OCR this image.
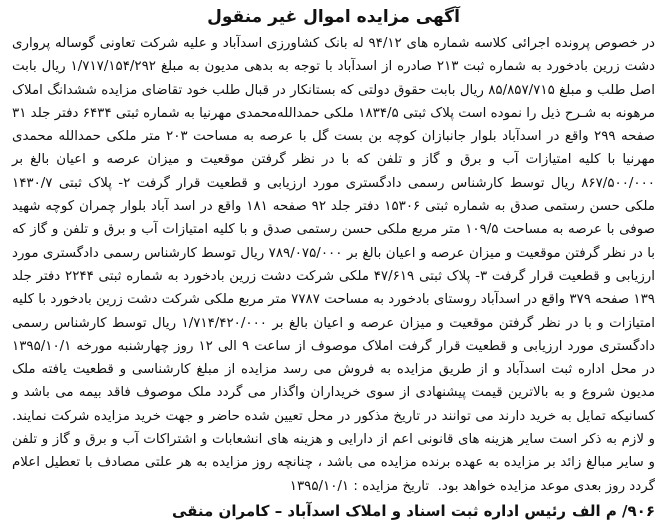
آگهی مزایده اموال غیر منقول

در خصوص پرونده اجرائی کلاسه شماره های ۹۴/۱۲ له بانک کشاورزی اسدآباد و علیه شرکت تعاونی گوساله پرواری دشت زرین بادخورد به شماره ثبت ۲۱۳ صادره از اسدآباد با توجه به بدهی مدیون به مبلغ ۱/۷۱۷/۱۵۴/۲۹۲ ریال بابت اصل طلب و مبلغ ۸۵/۸۵۷/۷۱۵ ریال بابت حقوق دولتی که بستانکار در قبال طلب خود تقاضای مزایده ششدانگ املاک مرهونه به شـرح ذیل را نموده است پلاک ثبتی ۱۸۳۴/۵ ملکی حمدالله‌محمدی مهرنیا به شماره ثبتی ۶۴۳۴ دفتر جلد ۳۱ صفحه ۲۹۹ واقع در اسدآباد بلوار جانبازان کوچه بن بست گل با عرصه به مساحت ۲۰۳ متر ملکی حمدالله محمدی مهرنیا با کلیه امتیازات آب و برق و گاز و تلفن که با در نظر گرفتن موقعیت و میزان عرصه و اعیان بالغ بر ۸۶۷/۵۰۰/۰۰۰ ریال توسط کارشناس رسمی دادگستری مورد ارزیابی و قطعیت قرار گرفت ۲- پلاک ثبتی ۱۴۳۰/۷ ملکی حسن رستمی صدق به شماره ثبتی ۱۵۳۰۶ دفتر جلد ۹۲ صفحه ۱۸۱ واقع در اسد آباد بلوار چمران کوچه شهید صوفی با عرصه به مساحت ۱۰۹/۵ متر مربع ملکی حسن رستمی صدق و با کلیه امتیازات آب و برق و تلفن و گاز که با در نظر گرفتن موقعیت و میزان عرصه و اعیان بالغ بر ۷۸۹/۰۷۵/۰۰۰ ریال توسط کارشناس رسمی دادگستری مورد ارزیابی و قطعیت قرار گرفت ۳- پلاک ثبتی ۴۷/۶۱۹ ملکی شرکت دشت زرین بادخورد به شماره ثبتی ۲۲۴۴ دفتر جلد ۱۳۹ صفحه ۳۷۹ واقع در اسدآباد روستای بادخورد به مساحت ۷۷۸۷ متر مربع ملکی شرکت دشت زرین بادخورد با کلیه امتیازات و با در نظر گرفتن موقعیت و میزان عرصه و اعیان بالغ بر ۱/۷۱۴/۴۲۰/۰۰۰ ریال توسط کارشناس رسمی دادگستری مورد ارزیابی و قطعیت قرار گرفت املاک موصوف از ساعت ۹ الی ۱۲ روز چهارشنبه مورخه ۱۳۹۵/۱۰/۱ در محل اداره ثبت اسدآباد و از طریق مزایده به فروش می رسد مزایده از مبلغ کارشناسی و قطعیت یافته ملک مدیون شروع و به بالاترین قیمت پیشنهادی از سوی خریداران واگذار می گردد ملک موصوف فاقد بیمه می باشد و کسانیکه تمایل به خرید دارند می توانند در تاریخ مذکور در محل تعیین شده حاضر و جهت خرید مزایده شرکت نمایند. و لازم به ذکر است سایر هزینه های قانونی اعم از دارایی و هزینه های انشعابات و اشتراکات آب و برق و گاز و تلفن و سایر مبالغ زائد بر مزایده به عهده برنده مزایده می باشد ، چنانچه روز مزایده به هر علتی مصادف با تعطیل اعلام گردد روز بعدی موعد مزایده خواهد بود.  تاریخ مزایده : ۱۳۹۵/۱۰/۱

۹۰۶/ م الف
رئیس اداره ثبت اسناد و املاک اسدآباد – کامران منقی
